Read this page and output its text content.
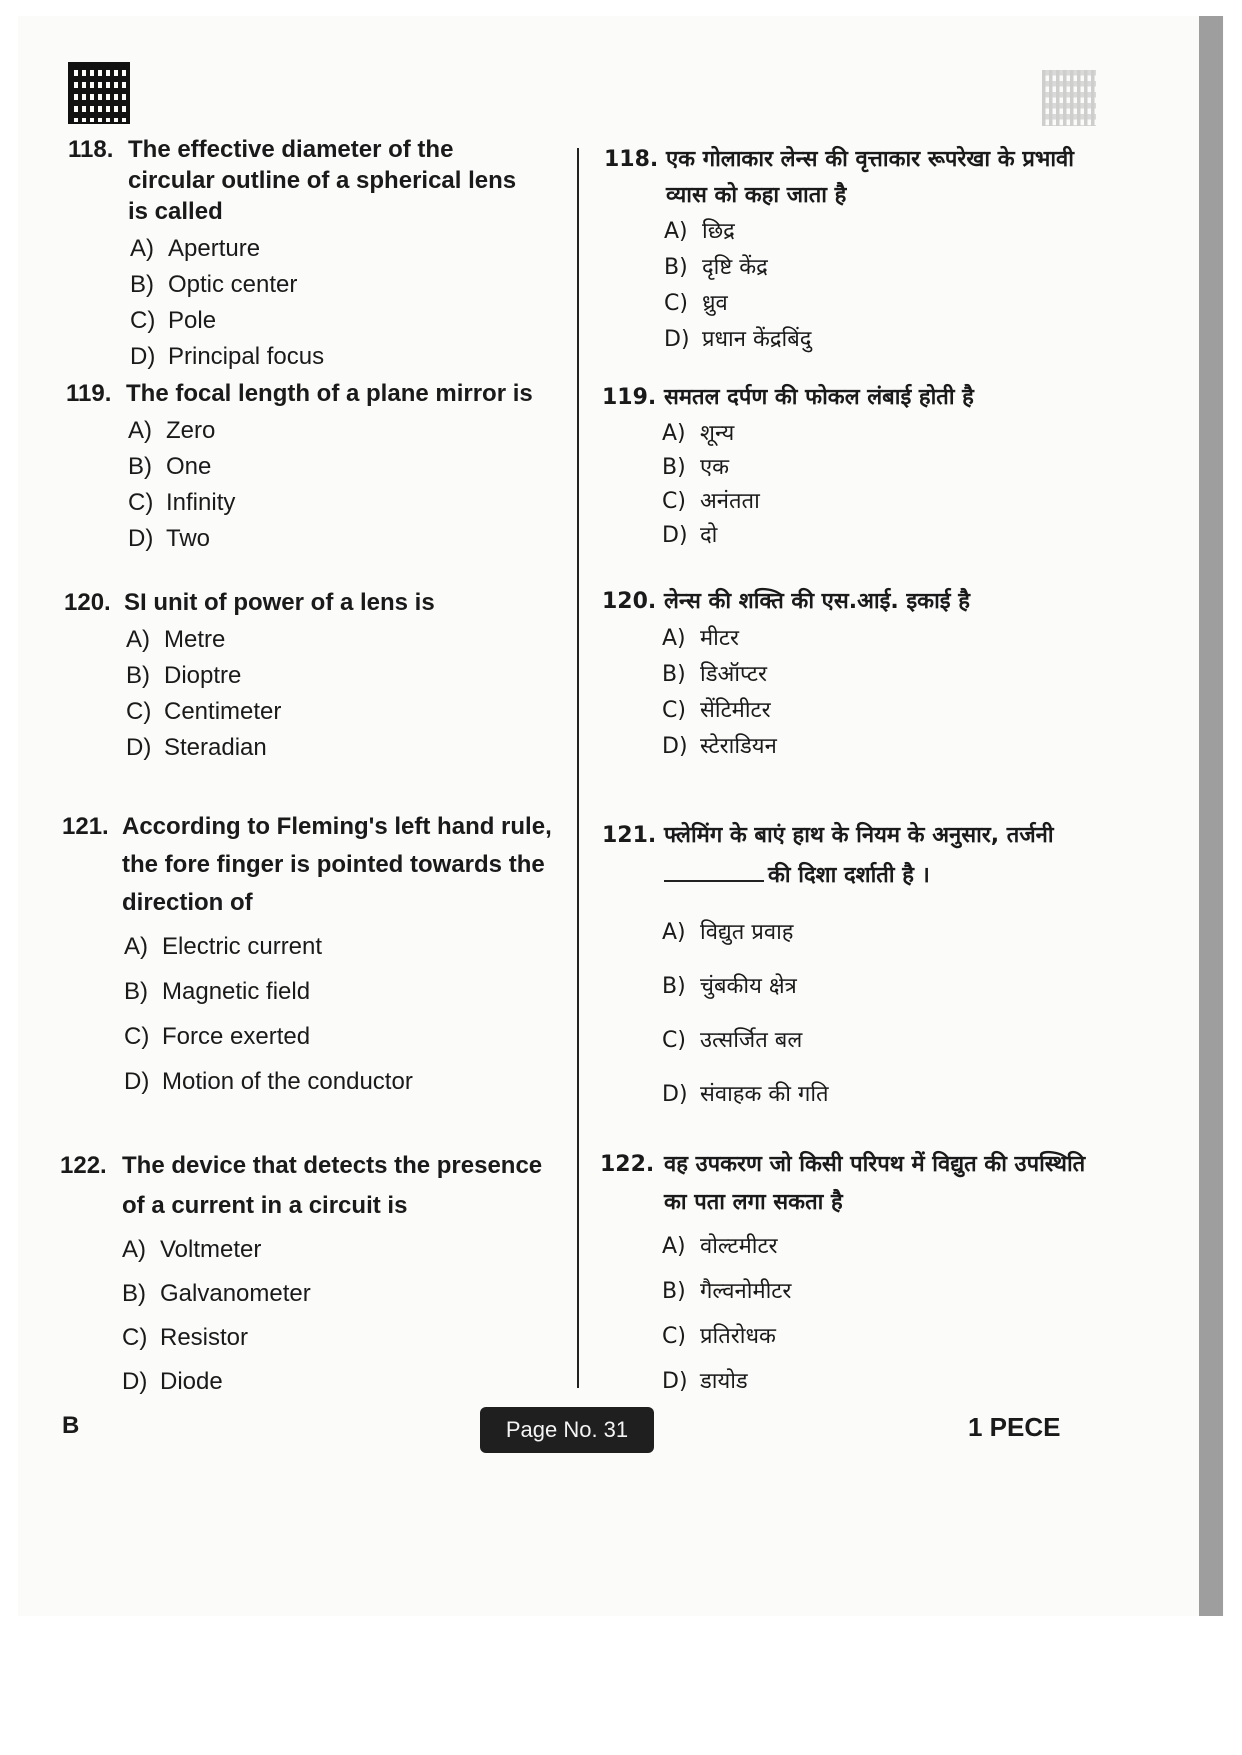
118. The effective diameter of the circular outline of a spherical lens is called
A) Aperture
B) Optic center
C) Pole
D) Principal focus
119. The focal length of a plane mirror is
A) Zero
B) One
C) Infinity
D) Two
120. SI unit of power of a lens is
A) Metre
B) Dioptre
C) Centimeter
D) Steradian
121. According to Fleming's left hand rule, the fore finger is pointed towards the direction of
A) Electric current
B) Magnetic field
C) Force exerted
D) Motion of the conductor
122. The device that detects the presence of a current in a circuit is
A) Voltmeter
B) Galvanometer
C) Resistor
D) Diode
118. एक गोलाकार लेन्स की वृत्ताकार रूपरेखा के प्रभावी व्यास को कहा जाता है
A) छिद्र
B) दृष्टि केंद्र
C) ध्रुव
D) प्रधान केंद्रबिंदु
119. समतल दर्पण की फोकल लंबाई होती है
A) शून्य
B) एक
C) अनंतता
D) दो
120. लेन्स की शक्ति की एस.आई. इकाई है
A) मीटर
B) डिऑप्टर
C) सेंटिमीटर
D) स्टेराडियन
121. फ्लेमिंग के बाएं हाथ के नियम के अनुसार, तर्जनी
की दिशा दर्शाती है ।
A) विद्युत प्रवाह
B) चुंबकीय क्षेत्र
C) उत्सर्जित बल
D) संवाहक की गति
122. वह उपकरण जो किसी परिपथ में विद्युत की उपस्थिति का पता लगा सकता है
A) वोल्टमीटर
B) गैल्वनोमीटर
C) प्रतिरोधक
D) डायोड
B	Page No. 31	1 PECE
